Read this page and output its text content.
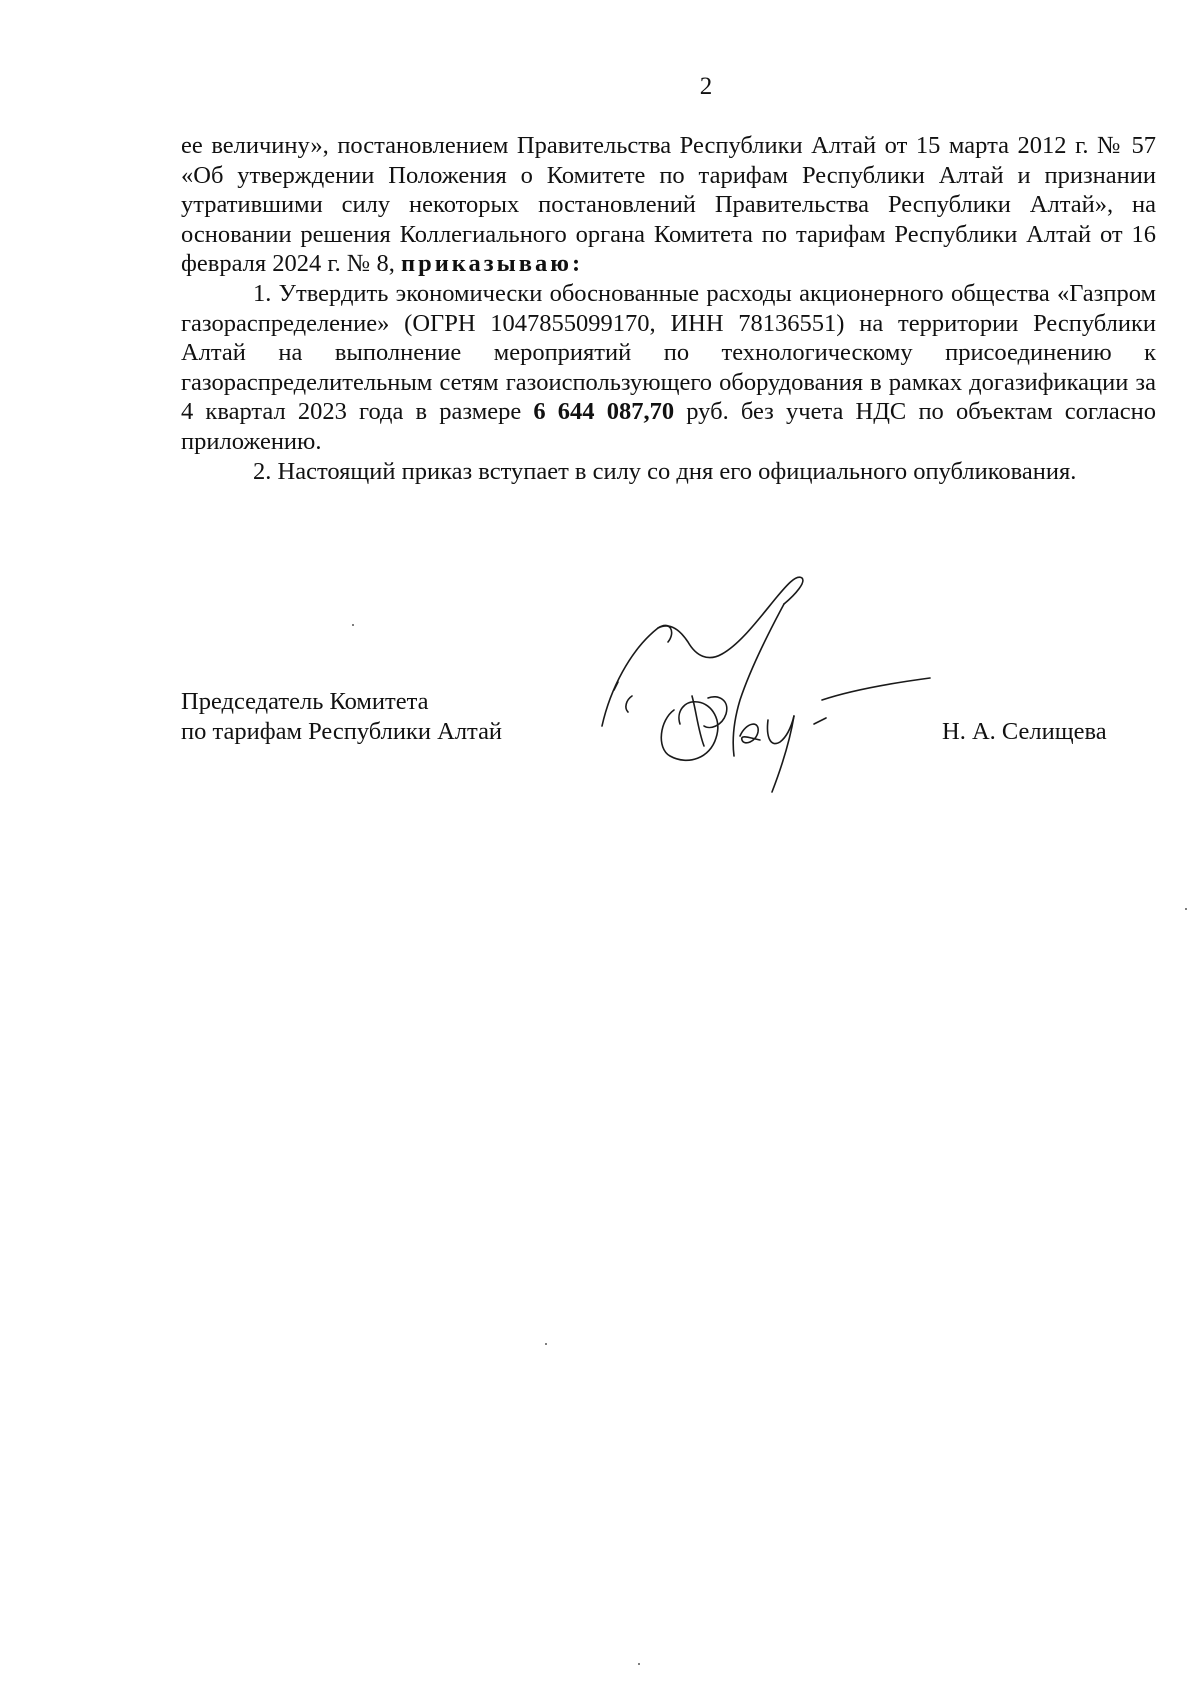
2

ее величину», постановлением Правительства Республики Алтай от 15 марта 2012 г. № 57 «Об утверждении Положения о Комитете по тарифам Республики Алтай и признании утратившими силу некоторых постановлений Правительства Республики Алтай», на основании решения Коллегиального органа Комитета по тарифам Республики Алтай от 16 февраля 2024 г. № 8, приказываю:

1. Утвердить экономически обоснованные расходы акционерного общества «Газпром газораспределение» (ОГРН 1047855099170, ИНН 78136551) на территории Республики Алтай на выполнение мероприятий по технологическому присоединению к газораспределительным сетям газоиспользующего оборудования в рамках догазификации за 4 квартал 2023 года в размере 6 644 087,70 руб. без учета НДС по объектам согласно приложению.

2. Настоящий приказ вступает в силу со дня его официального опубликования.

Председатель Комитета
по тарифам Республики Алтай	Н. А. Селищева
